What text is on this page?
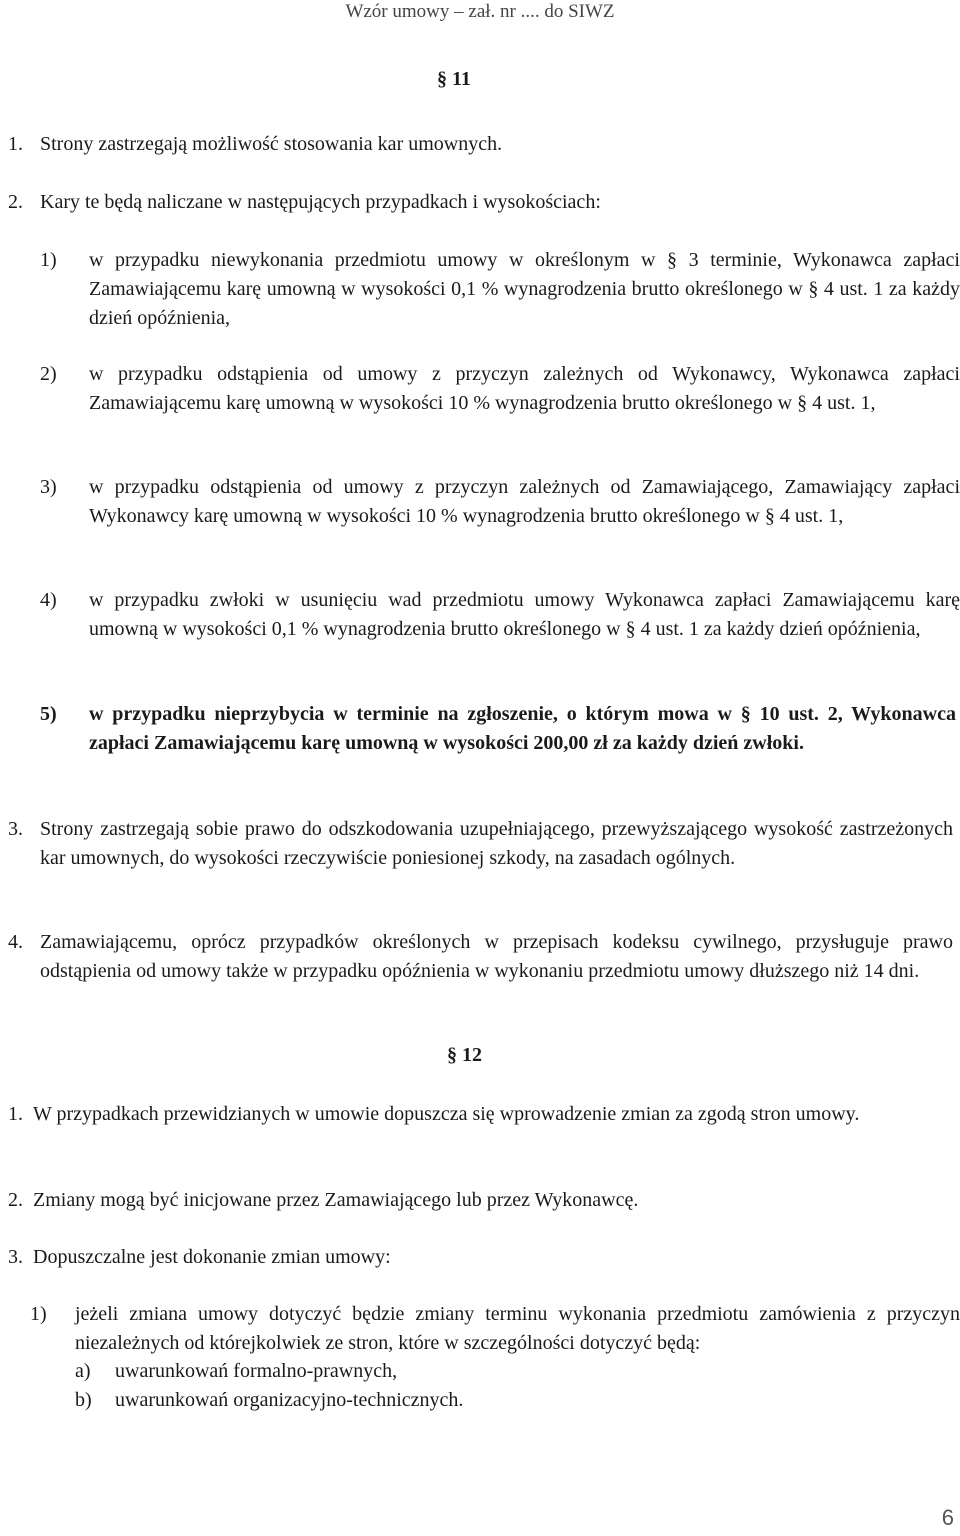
Wzór umowy – zał. nr .... do SIWZ
§ 11
1. Strony zastrzegają możliwość stosowania kar umownych.
2. Kary te będą naliczane w następujących przypadkach i wysokościach:
1)	w przypadku niewykonania przedmiotu umowy w określonym w § 3 terminie, Wykonawca zapłaci Zamawiającemu karę umowną w wysokości 0,1 % wynagrodzenia brutto określonego w § 4 ust. 1 za każdy dzień opóźnienia,
2)	w przypadku odstąpienia od umowy z przyczyn zależnych od Wykonawcy, Wykonawca zapłaci Zamawiającemu karę umowną w wysokości 10 % wynagrodzenia brutto określonego w § 4 ust. 1,
3)	w przypadku odstąpienia od umowy z przyczyn zależnych od Zamawiającego, Zamawiający zapłaci Wykonawcy karę umowną w wysokości 10 % wynagrodzenia brutto określonego w § 4 ust. 1,
4)	w przypadku zwłoki w usunięciu wad przedmiotu umowy Wykonawca zapłaci Zamawiającemu karę umowną w wysokości 0,1 % wynagrodzenia brutto określonego w § 4 ust. 1 za każdy dzień opóźnienia,
5)	w przypadku nieprzybycia w terminie na zgłoszenie, o którym mowa w § 10 ust. 2, Wykonawca zapłaci Zamawiającemu karę umowną w wysokości 200,00 zł za każdy dzień zwłoki.
3. Strony zastrzegają sobie prawo do odszkodowania uzupełniającego, przewyższającego wysokość zastrzeżonych kar umownych, do wysokości rzeczywiście poniesionej szkody, na zasadach ogólnych.
4. Zamawiającemu, oprócz przypadków określonych w przepisach kodeksu cywilnego, przysługuje prawo odstąpienia od umowy także w przypadku opóźnienia w wykonaniu przedmiotu umowy dłuższego niż 14 dni.
§ 12
1. W przypadkach przewidzianych w umowie dopuszcza się wprowadzenie zmian za zgodą stron umowy.
2. Zmiany mogą być inicjowane przez Zamawiającego lub przez Wykonawcę.
3. Dopuszczalne jest dokonanie zmian umowy:
1)	jeżeli zmiana umowy dotyczyć będzie zmiany terminu wykonania przedmiotu zamówienia z przyczyn niezależnych od którejkolwiek ze stron, które w szczególności dotyczyć będą:
a)	uwarunkowań formalno-prawnych,
b)	uwarunkowań organizacyjno-technicznych.
6
